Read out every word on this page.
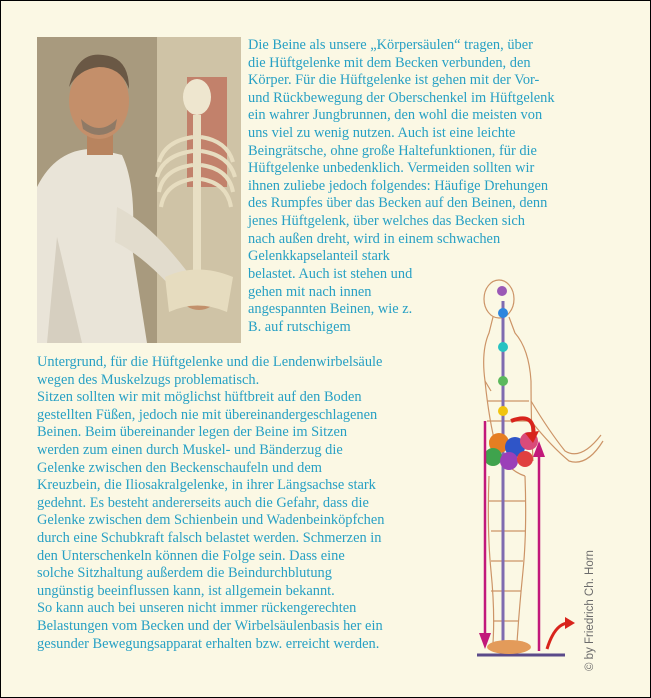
Die Beine als unsere „Körpersäulen“ tragen, über
die Hüftgelenke mit dem Becken verbunden, den
Körper. Für die Hüftgelenke ist gehen mit der Vor-
und Rückbewegung der Oberschenkel im Hüftgelenk
ein wahrer Jungbrunnen, den wohl die meisten von
uns viel zu wenig nutzen. Auch ist eine leichte
Beingrätsche, ohne große Haltefunktionen, für die
Hüftgelenke unbedenklich. Vermeiden sollten wir
ihnen zuliebe jedoch folgendes: Häufige Drehungen
des Rumpfes über das Becken auf den Beinen, denn
jenes Hüftgelenk, über welches das Becken sich
nach außen dreht, wird in einem schwachen
Gelenkkapselanteil stark

belastet. Auch ist stehen und
gehen mit nach innen
angespannten Beinen, wie z.
B. auf rutschigem

Untergrund, für die Hüftgelenke und die Lendenwirbelsäule
wegen des Muskelzugs problematisch.
Sitzen sollten wir mit möglichst hüftbreit auf den Boden
gestellten Füßen, jedoch nie mit übereinandergeschlagenen
Beinen. Beim übereinander legen der Beine im Sitzen
werden zum einen durch Muskel- und Bänderzug die
Gelenke zwischen den Beckenschaufeln und dem
Kreuzbein, die Iliosakralgelenke, in ihrer Längsachse stark
gedehnt. Es besteht andererseits auch die Gefahr, dass die
Gelenke zwischen dem Schienbein und Wadenbeinköpfchen
durch eine Schubkraft falsch belastet werden. Schmerzen in
den Unterschenkeln können die Folge sein. Dass eine
solche Sitzhaltung außerdem die Beindurchblutung
ungünstig beeinflussen kann, ist allgemein bekannt.
So kann auch bei unseren nicht immer rückengerechten
Belastungen vom Becken und der Wirbelsäulenbasis her ein
gesunder Bewegungsapparat erhalten bzw. erreicht werden.	© by Friedrich Ch. Horn
